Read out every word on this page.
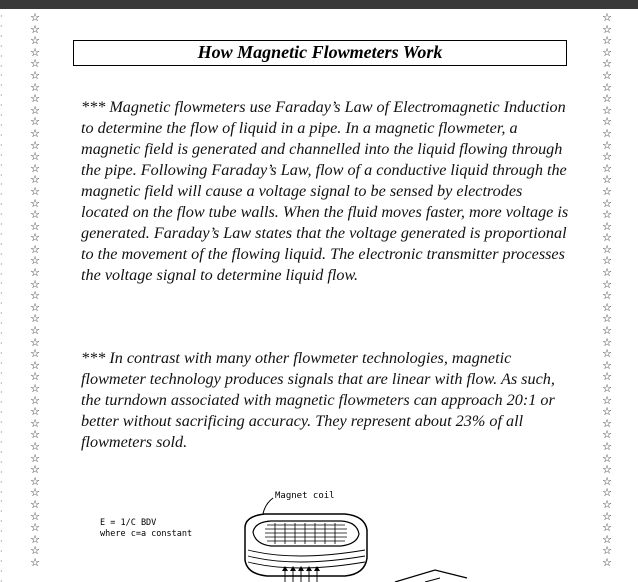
·
·
·
·
·
·
·
·
·
·
·
·
·
·
·
·
·
·
·
·
·
·
·
·
·
·
·
·
·
·
·
·
·
·
·
·
·
·
·
·
·
·
·
·
·
·
·
·
·
·
·
·
·
·
·
·
·
·
☆
☆
☆
☆
☆
☆
☆
☆
☆
☆
☆
☆
☆
☆
☆
☆
☆
☆
☆
☆
☆
☆
☆
☆
☆
☆
☆
☆
☆
☆
☆
☆
☆
☆
☆
☆
☆
☆
☆
☆
☆
☆
☆
☆
☆
☆
☆
☆
☆
☆
☆
☆
☆
☆
☆
☆
☆
☆
☆
☆
☆
☆
☆
☆
☆
☆
☆
☆
☆
☆
☆
☆
☆
☆
☆
☆
☆
☆
☆
☆
☆
☆
☆
☆
☆
☆
☆
☆
☆
☆
☆
☆
☆
☆
☆
☆
How Magnetic Flowmeters Work

*** Magnetic flowmeters use Faraday’s Law of Electromagnetic Induction to determine the flow of liquid in a pipe. In a magnetic flowmeter, a magnetic field is generated and channelled into the liquid flowing through the pipe. Following Faraday’s Law, flow of a conductive liquid through the magnetic field will cause a voltage signal to be sensed by electrodes located on the flow tube walls. When the fluid moves faster, more voltage is generated. Faraday’s Law states that the voltage generated is proportional to the movement of the flowing liquid. The electronic transmitter processes the voltage signal to determine liquid flow.

*** In contrast with many other flowmeter technologies, magnetic flowmeter technology produces signals that are linear with flow. As such, the turndown associated with magnetic flowmeters can approach 20:1 or better without sacrificing accuracy. They represent about 23% of all flowmeters sold.

E = 1/C BDV
where c=a constant
Magnet coil
